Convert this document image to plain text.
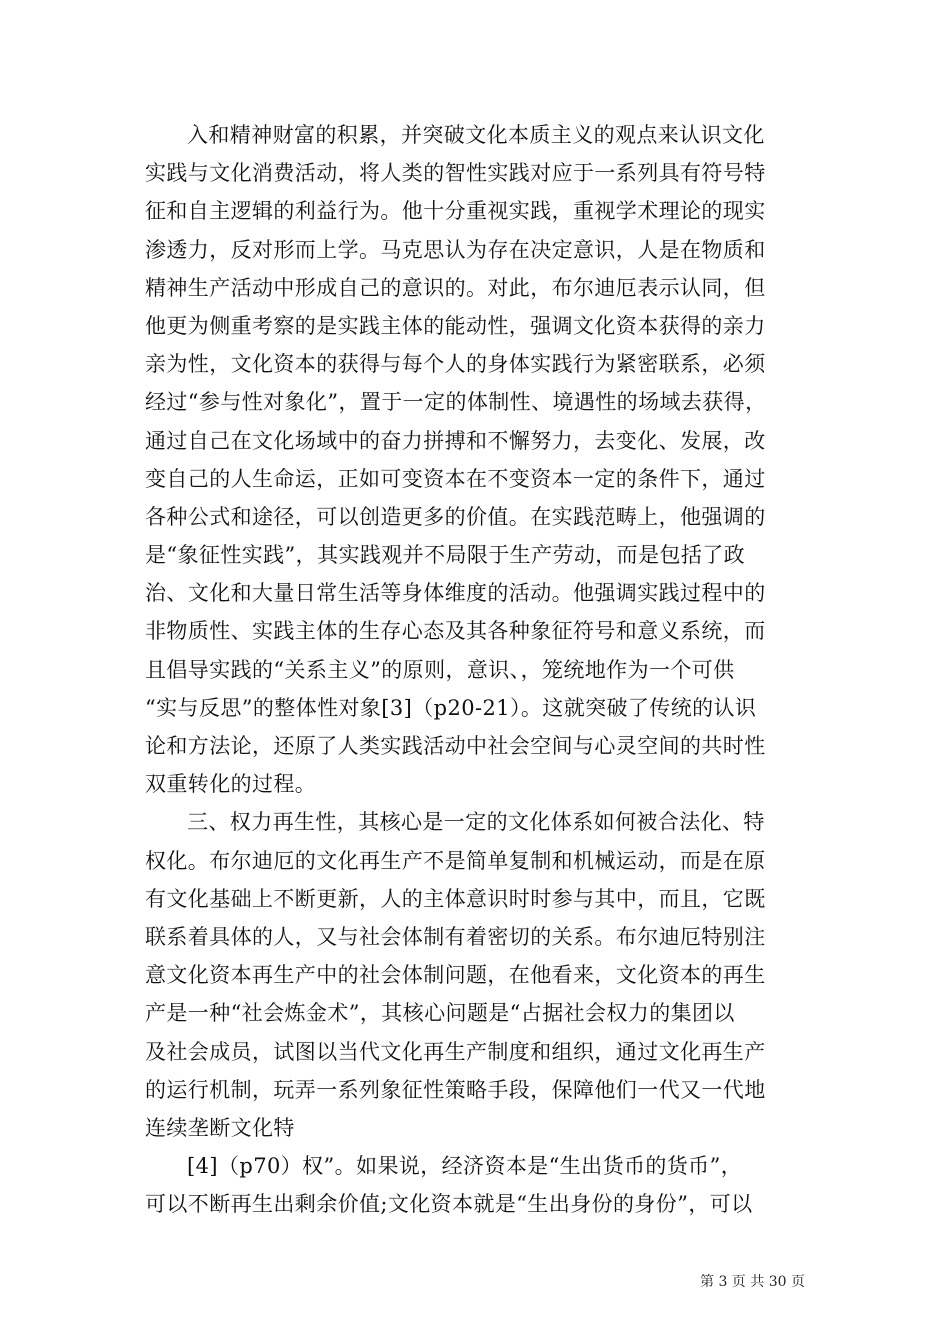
入和精神财富的积累，并突破文化本质主义的观点来认识文化
实践与文化消费活动，将人类的智性实践对应于一系列具有符号特
征和自主逻辑的利益行为。他十分重视实践，重视学术理论的现实
渗透力，反对形而上学。马克思认为存在决定意识，人是在物质和
精神生产活动中形成自己的意识的。对此，布尔迪厄表示认同，但
他更为侧重考察的是实践主体的能动性，强调文化资本获得的亲力
亲为性，文化资本的获得与每个人的身体实践行为紧密联系，必须
经过“参与性对象化”，置于一定的体制性、境遇性的场域去获得，
通过自己在文化场域中的奋力拼搏和不懈努力，去变化、发展，改
变自己的人生命运，正如可变资本在不变资本一定的条件下，通过
各种公式和途径，可以创造更多的价值。在实践范畴上，他强调的
是“象征性实践”，其实践观并不局限于生产劳动，而是包括了政
治、文化和大量日常生活等身体维度的活动。他强调实践过程中的
非物质性、实践主体的生存心态及其各种象征符号和意义系统，而
且倡导实践的“关系主义”的原则，意识、，笼统地作为一个可供
“实与反思”的整体性对象[3]（p20-21）。这就突破了传统的认识
论和方法论，还原了人类实践活动中社会空间与心灵空间的共时性
双重转化的过程。
三、权力再生性，其核心是一定的文化体系如何被合法化、特
权化。布尔迪厄的文化再生产不是简单复制和机械运动，而是在原
有文化基础上不断更新，人的主体意识时时参与其中，而且，它既
联系着具体的人，又与社会体制有着密切的关系。布尔迪厄特别注
意文化资本再生产中的社会体制问题，在他看来，文化资本的再生
产是一种“社会炼金术”，其核心问题是“占据社会权力的集团以
及社会成员，试图以当代文化再生产制度和组织，通过文化再生产
的运行机制，玩弄一系列象征性策略手段，保障他们一代又一代地
连续垄断文化特
[4]（p70）权”。如果说，经济资本是“生出货币的货币”，
可以不断再生出剩余价值;文化资本就是“生出身份的身份”，可以
第 3 页 共 30 页
